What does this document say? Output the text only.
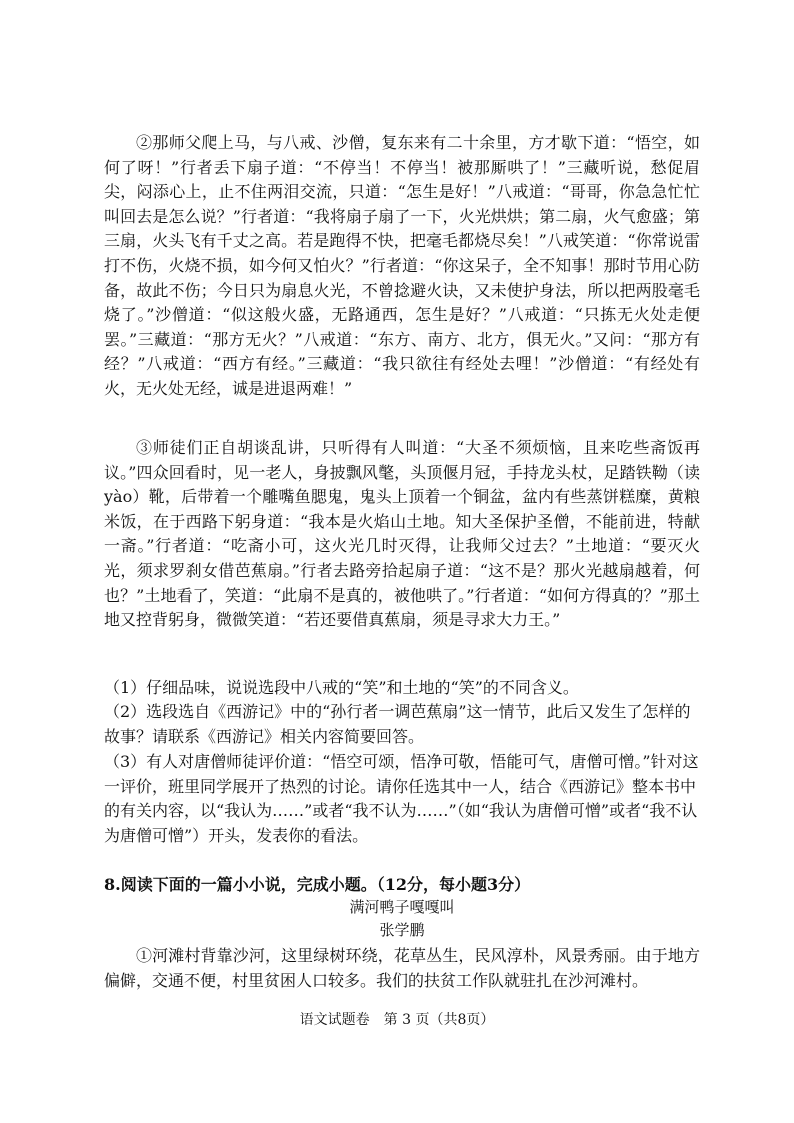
②那师父爬上马，与八戒、沙僧，复东来有二十余里，方才歇下道：“悟空，如何了呀！”行者丢下扇子道：“不停当！不停当！被那厮哄了！”三藏听说，愁促眉尖，闷添心上，止不住两泪交流，只道：“怎生是好！”八戒道：“哥哥，你急急忙忙叫回去是怎么说？”行者道：“我将扇子扇了一下，火光烘烘；第二扇，火气愈盛；第三扇，火头飞有千丈之高。若是跑得不快，把毫毛都烧尽矣！”八戒笑道：“你常说雷打不伤，火烧不损，如今何又怕火？”行者道：“你这呆子，全不知事！那时节用心防备，故此不伤；今日只为扇息火光，不曾捻避火诀，又未使护身法，所以把两股毫毛烧了。”沙僧道：“似这般火盛，无路通西，怎生是好？”八戒道：“只拣无火处走便罢。”三藏道：“那方无火？”八戒道：“东方、南方、北方，俱无火。”又问：“那方有经？”八戒道：“西方有经。”三藏道：“我只欲往有经处去哩！”沙僧道：“有经处有火，无火处无经，诚是进退两难！”

③师徒们正自胡谈乱讲，只听得有人叫道：“大圣不须烦恼，且来吃些斋饭再议。”四众回看时，见一老人，身披飘风氅，头顶偃月冠，手持龙头杖，足踏铁靿（读yào）靴，后带着一个雕嘴鱼腮鬼，鬼头上顶着一个铜盆，盆内有些蒸饼糕糜，黄粮米饭，在于西路下躬身道：“我本是火焰山土地。知大圣保护圣僧，不能前进，特献一斋。”行者道：“吃斋小可，这火光几时灭得，让我师父过去？”土地道：“要灭火光，须求罗刹女借芭蕉扇。”行者去路旁拾起扇子道：“这不是？那火光越扇越着，何也？”土地看了，笑道：“此扇不是真的，被他哄了。”行者道：“如何方得真的？”那土地又控背躬身，微微笑道：“若还要借真蕉扇，须是寻求大力王。”

（1）仔细品味，说说选段中八戒的“笑”和土地的“笑”的不同含义。

（2）选段选自《西游记》中的“孙行者一调芭蕉扇”这一情节，此后又发生了怎样的故事？请联系《西游记》相关内容简要回答。

（3）有人对唐僧师徒评价道：“悟空可颂，悟净可敬，悟能可气，唐僧可憎。”针对这一评价，班里同学展开了热烈的讨论。请你任选其中一人，结合《西游记》整本书中的有关内容，以“我认为……”或者“我不认为……”（如“我认为唐僧可憎”或者“我不认为唐僧可憎”）开头，发表你的看法。

8.阅读下面的一篇小小说，完成小题。（12分，每小题3分）

满河鸭子嘎嘎叫

张学鹏

①河滩村背靠沙河，这里绿树环绕，花草丛生，民风淳朴，风景秀丽。由于地方偏僻，交通不便，村里贫困人口较多。我们的扶贫工作队就驻扎在沙河滩村。

语文试题卷　第 3 页（共8页）
